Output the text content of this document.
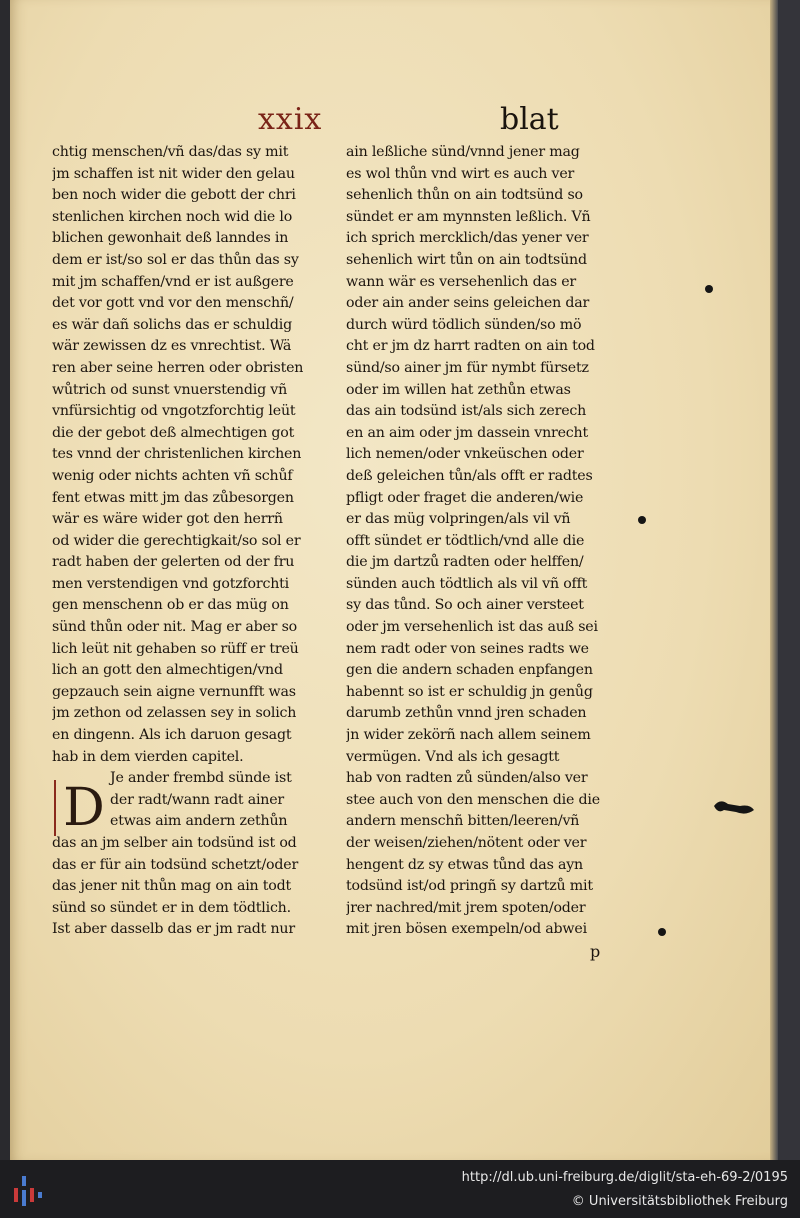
xxix	blat
chtig menschen/vñ das/das sy mit
jm schaffen ist nit wider den gelau
ben noch wider die gebott der chri
stenlichen kirchen noch wid die lo
blichen gewonhait deß lanndes in
dem er ist/so sol er das thůn das sy
mit jm schaffen/vnd er ist außgere
det vor gott vnd vor den menschñ/
es wär dañ solichs das er schuldig
wär zewissen dz es vnrechtist. Wä
ren aber seine herren oder obristen
wůtrich od sunst vnuerstendig vñ
vnfürsichtig od vngotzforchtig leüt
die der gebot deß almechtigen got
tes vnnd der christenlichen kirchen
wenig oder nichts achten vñ schůf
fent etwas mitt jm das zůbesorgen
wär es wäre wider got den herrñ
od wider die gerechtigkait/so sol er
radt haben der gelerten od der fru
men verstendigen vnd gotzforchti
gen menschenn ob er das müg on
sünd thůn oder nit. Mag er aber so
lich leüt nit gehaben so rüff er treü
lich an gott den almechtigen/vnd
gepzauch sein aigne vernunfft was
jm zethon od zelassen sey in solich
en dingenn. Als ich daruon gesagt
hab in dem vierden capitel.
Je ander frembd sünde ist
der radt/wann radt ainer
etwas aim andern zethůn
das an jm selber ain todsünd ist od
das er für ain todsünd schetzt/oder
das jener nit thůn mag on ain todt
sünd so sündet er in dem tödtlich.
Ist aber dasselb das er jm radt nur
ain leßliche sünd/vnnd jener mag
es wol thůn vnd wirt es auch ver
sehenlich thůn on ain todtsünd so
sündet er am mynnsten leßlich. Vñ
ich sprich mercklich/das yener ver
sehenlich wirt tůn on ain todtsünd
wann wär es versehenlich das er
oder ain ander seins geleichen dar
durch würd tödlich sünden/so mö
cht er jm dz harrt radten on ain tod
sünd/so ainer jm für nymbt fürsetz
oder im willen hat zethůn etwas
das ain todsünd ist/als sich zerech
en an aim oder jm dassein vnrecht
lich nemen/oder vnkeüschen oder
deß geleichen tůn/als offt er radtes
pfligt oder fraget die anderen/wie
er das müg volpringen/als vil vñ
offt sündet er tödtlich/vnd alle die
die jm dartzů radten oder helffen/
sünden auch tödtlich als vil vñ offt
sy das tůnd. So och ainer versteet
oder jm versehenlich ist das auß sei
nem radt oder von seines radts we
gen die andern schaden enpfangen
habennt so ist er schuldig jn genůg
darumb zethůn vnnd jren schaden
jn wider zekörñ nach allem seinem
vermügen. Vnd als ich gesagtt
hab von radten zů sünden/also ver
stee auch von den menschen die die
andern menschñ bitten/leeren/vñ
der weisen/ziehen/nötent oder ver
hengent dz sy etwas tůnd das ayn
todsünd ist/od pringñ sy dartzů mit
jrer nachred/mit jrem spoten/oder
mit jren bösen exempeln/od abwei
D
p
http://dl.ub.uni-freiburg.de/diglit/sta-eh-69-2/0195
© Universitätsbibliothek Freiburg
